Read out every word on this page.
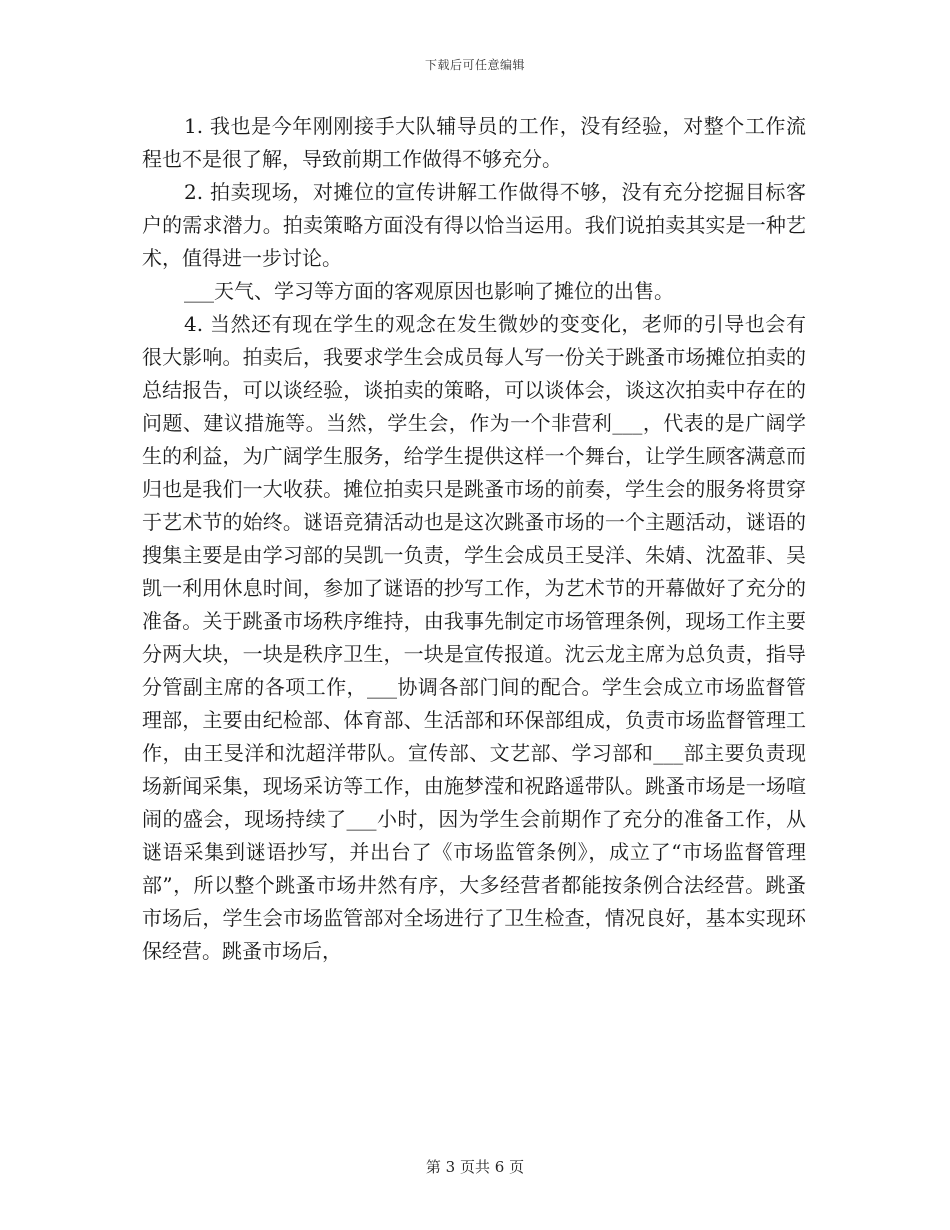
下载后可任意编辑

1. 我也是今年刚刚接手大队辅导员的工作，没有经验，对整个工作流程也不是很了解，导致前期工作做得不够充分。

2. 拍卖现场，对摊位的宣传讲解工作做得不够，没有充分挖掘目标客户的需求潜力。拍卖策略方面没有得以恰当运用。我们说拍卖其实是一种艺术，值得进一步讨论。

___天气、学习等方面的客观原因也影响了摊位的出售。

4. 当然还有现在学生的观念在发生微妙的变变化，老师的引导也会有很大影响。拍卖后，我要求学生会成员每人写一份关于跳蚤市场摊位拍卖的总结报告，可以谈经验，谈拍卖的策略，可以谈体会，谈这次拍卖中存在的问题、建议措施等。当然，学生会，作为一个非营利___，代表的是广阔学生的利益，为广阔学生服务，给学生提供这样一个舞台，让学生顾客满意而归也是我们一大收获。摊位拍卖只是跳蚤市场的前奏，学生会的服务将贯穿于艺术节的始终。谜语竞猜活动也是这次跳蚤市场的一个主题活动，谜语的搜集主要是由学习部的吴凯一负责，学生会成员王旻洋、朱婧、沈盈菲、吴凯一利用休息时间，参加了谜语的抄写工作，为艺术节的开幕做好了充分的准备。关于跳蚤市场秩序维持，由我事先制定市场管理条例，现场工作主要分两大块，一块是秩序卫生，一块是宣传报道。沈云龙主席为总负责，指导分管副主席的各项工作，___协调各部门间的配合。学生会成立市场监督管理部，主要由纪检部、体育部、生活部和环保部组成，负责市场监督管理工作，由王旻洋和沈超洋带队。宣传部、文艺部、学习部和___部主要负责现场新闻采集，现场采访等工作，由施梦滢和祝路遥带队。跳蚤市场是一场喧闹的盛会，现场持续了___小时，因为学生会前期作了充分的准备工作，从谜语采集到谜语抄写，并出台了《市场监管条例》，成立了“市场监督管理部”，所以整个跳蚤市场井然有序，大多经营者都能按条例合法经营。跳蚤市场后，学生会市场监管部对全场进行了卫生检查，情况良好，基本实现环保经营。跳蚤市场后，

第 3 页共 6 页
